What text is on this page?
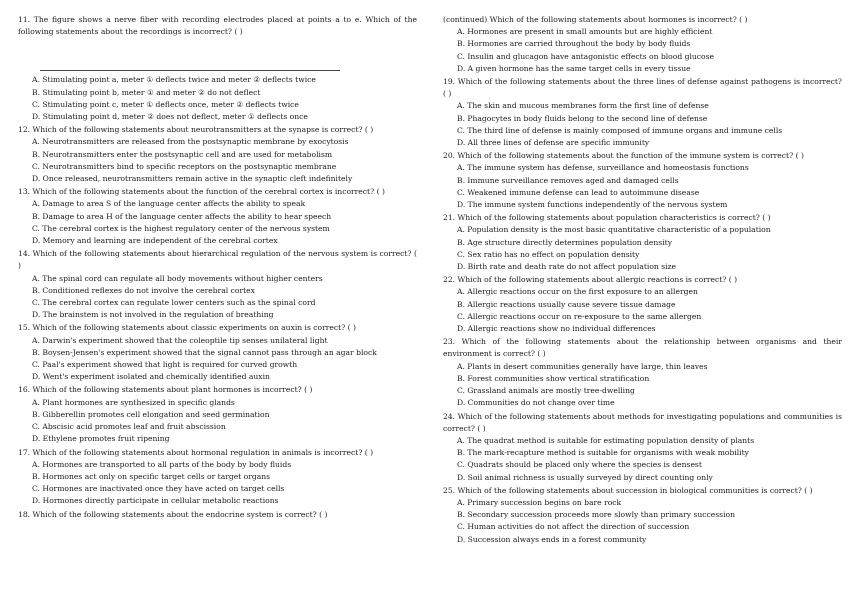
11. The figure shows a nerve fiber with recording electrodes placed at points a to e. Which of the following statements about the recordings is incorrect? ( )
A. Stimulating point a, meter ① deflects twice and meter ② deflects twice
B. Stimulating point b, meter ① and meter ② do not deflect
C. Stimulating point c, meter ① deflects once, meter ② deflects twice
D. Stimulating point d, meter ② does not deflect, meter ① deflects once
12. Which of the following statements about neurotransmitters at the synapse is correct? ( )
A. Neurotransmitters are released from the postsynaptic membrane by exocytosis
B. Neurotransmitters enter the postsynaptic cell and are used for metabolism
C. Neurotransmitters bind to specific receptors on the postsynaptic membrane
D. Once released, neurotransmitters remain active in the synaptic cleft indefinitely
13. Which of the following statements about the function of the cerebral cortex is incorrect? ( )
A. Damage to area S of the language center affects the ability to speak
B. Damage to area H of the language center affects the ability to hear speech
C. The cerebral cortex is the highest regulatory center of the nervous system
D. Memory and learning are independent of the cerebral cortex
14. Which of the following statements about hierarchical regulation of the nervous system is correct? ( )
A. The spinal cord can regulate all body movements without higher centers
B. Conditioned reflexes do not involve the cerebral cortex
C. The cerebral cortex can regulate lower centers such as the spinal cord
D. The brainstem is not involved in the regulation of breathing
15. Which of the following statements about classic experiments on auxin is correct? ( )
A. Darwin's experiment showed that the coleoptile tip senses unilateral light
B. Boysen-Jensen's experiment showed that the signal cannot pass through an agar block
C. Paal's experiment showed that light is required for curved growth
D. Went's experiment isolated and chemically identified auxin
16. Which of the following statements about plant hormones is incorrect? ( )
A. Plant hormones are synthesized in specific glands
B. Gibberellin promotes cell elongation and seed germination
C. Abscisic acid promotes leaf and fruit abscission
D. Ethylene promotes fruit ripening
17. Which of the following statements about hormonal regulation in animals is incorrect? ( )
A. Hormones are transported to all parts of the body by body fluids
B. Hormones act only on specific target cells or target organs
C. Hormones are inactivated once they have acted on target cells
D. Hormones directly participate in cellular metabolic reactions
18. Which of the following statements about the endocrine system is correct? ( )
(continued) Which of the following statements about hormones is incorrect? ( )
A. Hormones are present in small amounts but are highly efficient
B. Hormones are carried throughout the body by body fluids
C. Insulin and glucagon have antagonistic effects on blood glucose
D. A given hormone has the same target cells in every tissue
19. Which of the following statements about the three lines of defense against pathogens is incorrect? ( )
A. The skin and mucous membranes form the first line of defense
B. Phagocytes in body fluids belong to the second line of defense
C. The third line of defense is mainly composed of immune organs and immune cells
D. All three lines of defense are specific immunity
20. Which of the following statements about the function of the immune system is correct? ( )
A. The immune system has defense, surveillance and homeostasis functions
B. Immune surveillance removes aged and damaged cells
C. Weakened immune defense can lead to autoimmune disease
D. The immune system functions independently of the nervous system
21. Which of the following statements about population characteristics is correct? ( )
A. Population density is the most basic quantitative characteristic of a population
B. Age structure directly determines population density
C. Sex ratio has no effect on population density
D. Birth rate and death rate do not affect population size
22. Which of the following statements about allergic reactions is correct? ( )
A. Allergic reactions occur on the first exposure to an allergen
B. Allergic reactions usually cause severe tissue damage
C. Allergic reactions occur on re-exposure to the same allergen
D. Allergic reactions show no individual differences
23. Which of the following statements about the relationship between organisms and their environment is correct? ( )
A. Plants in desert communities generally have large, thin leaves
B. Forest communities show vertical stratification
C. Grassland animals are mostly tree-dwelling
D. Communities do not change over time
24. Which of the following statements about methods for investigating populations and communities is correct? ( )
A. The quadrat method is suitable for estimating population density of plants
B. The mark-recapture method is suitable for organisms with weak mobility
C. Quadrats should be placed only where the species is densest
D. Soil animal richness is usually surveyed by direct counting only
25. Which of the following statements about succession in biological communities is correct? ( )
A. Primary succession begins on bare rock
B. Secondary succession proceeds more slowly than primary succession
C. Human activities do not affect the direction of succession
D. Succession always ends in a forest community
